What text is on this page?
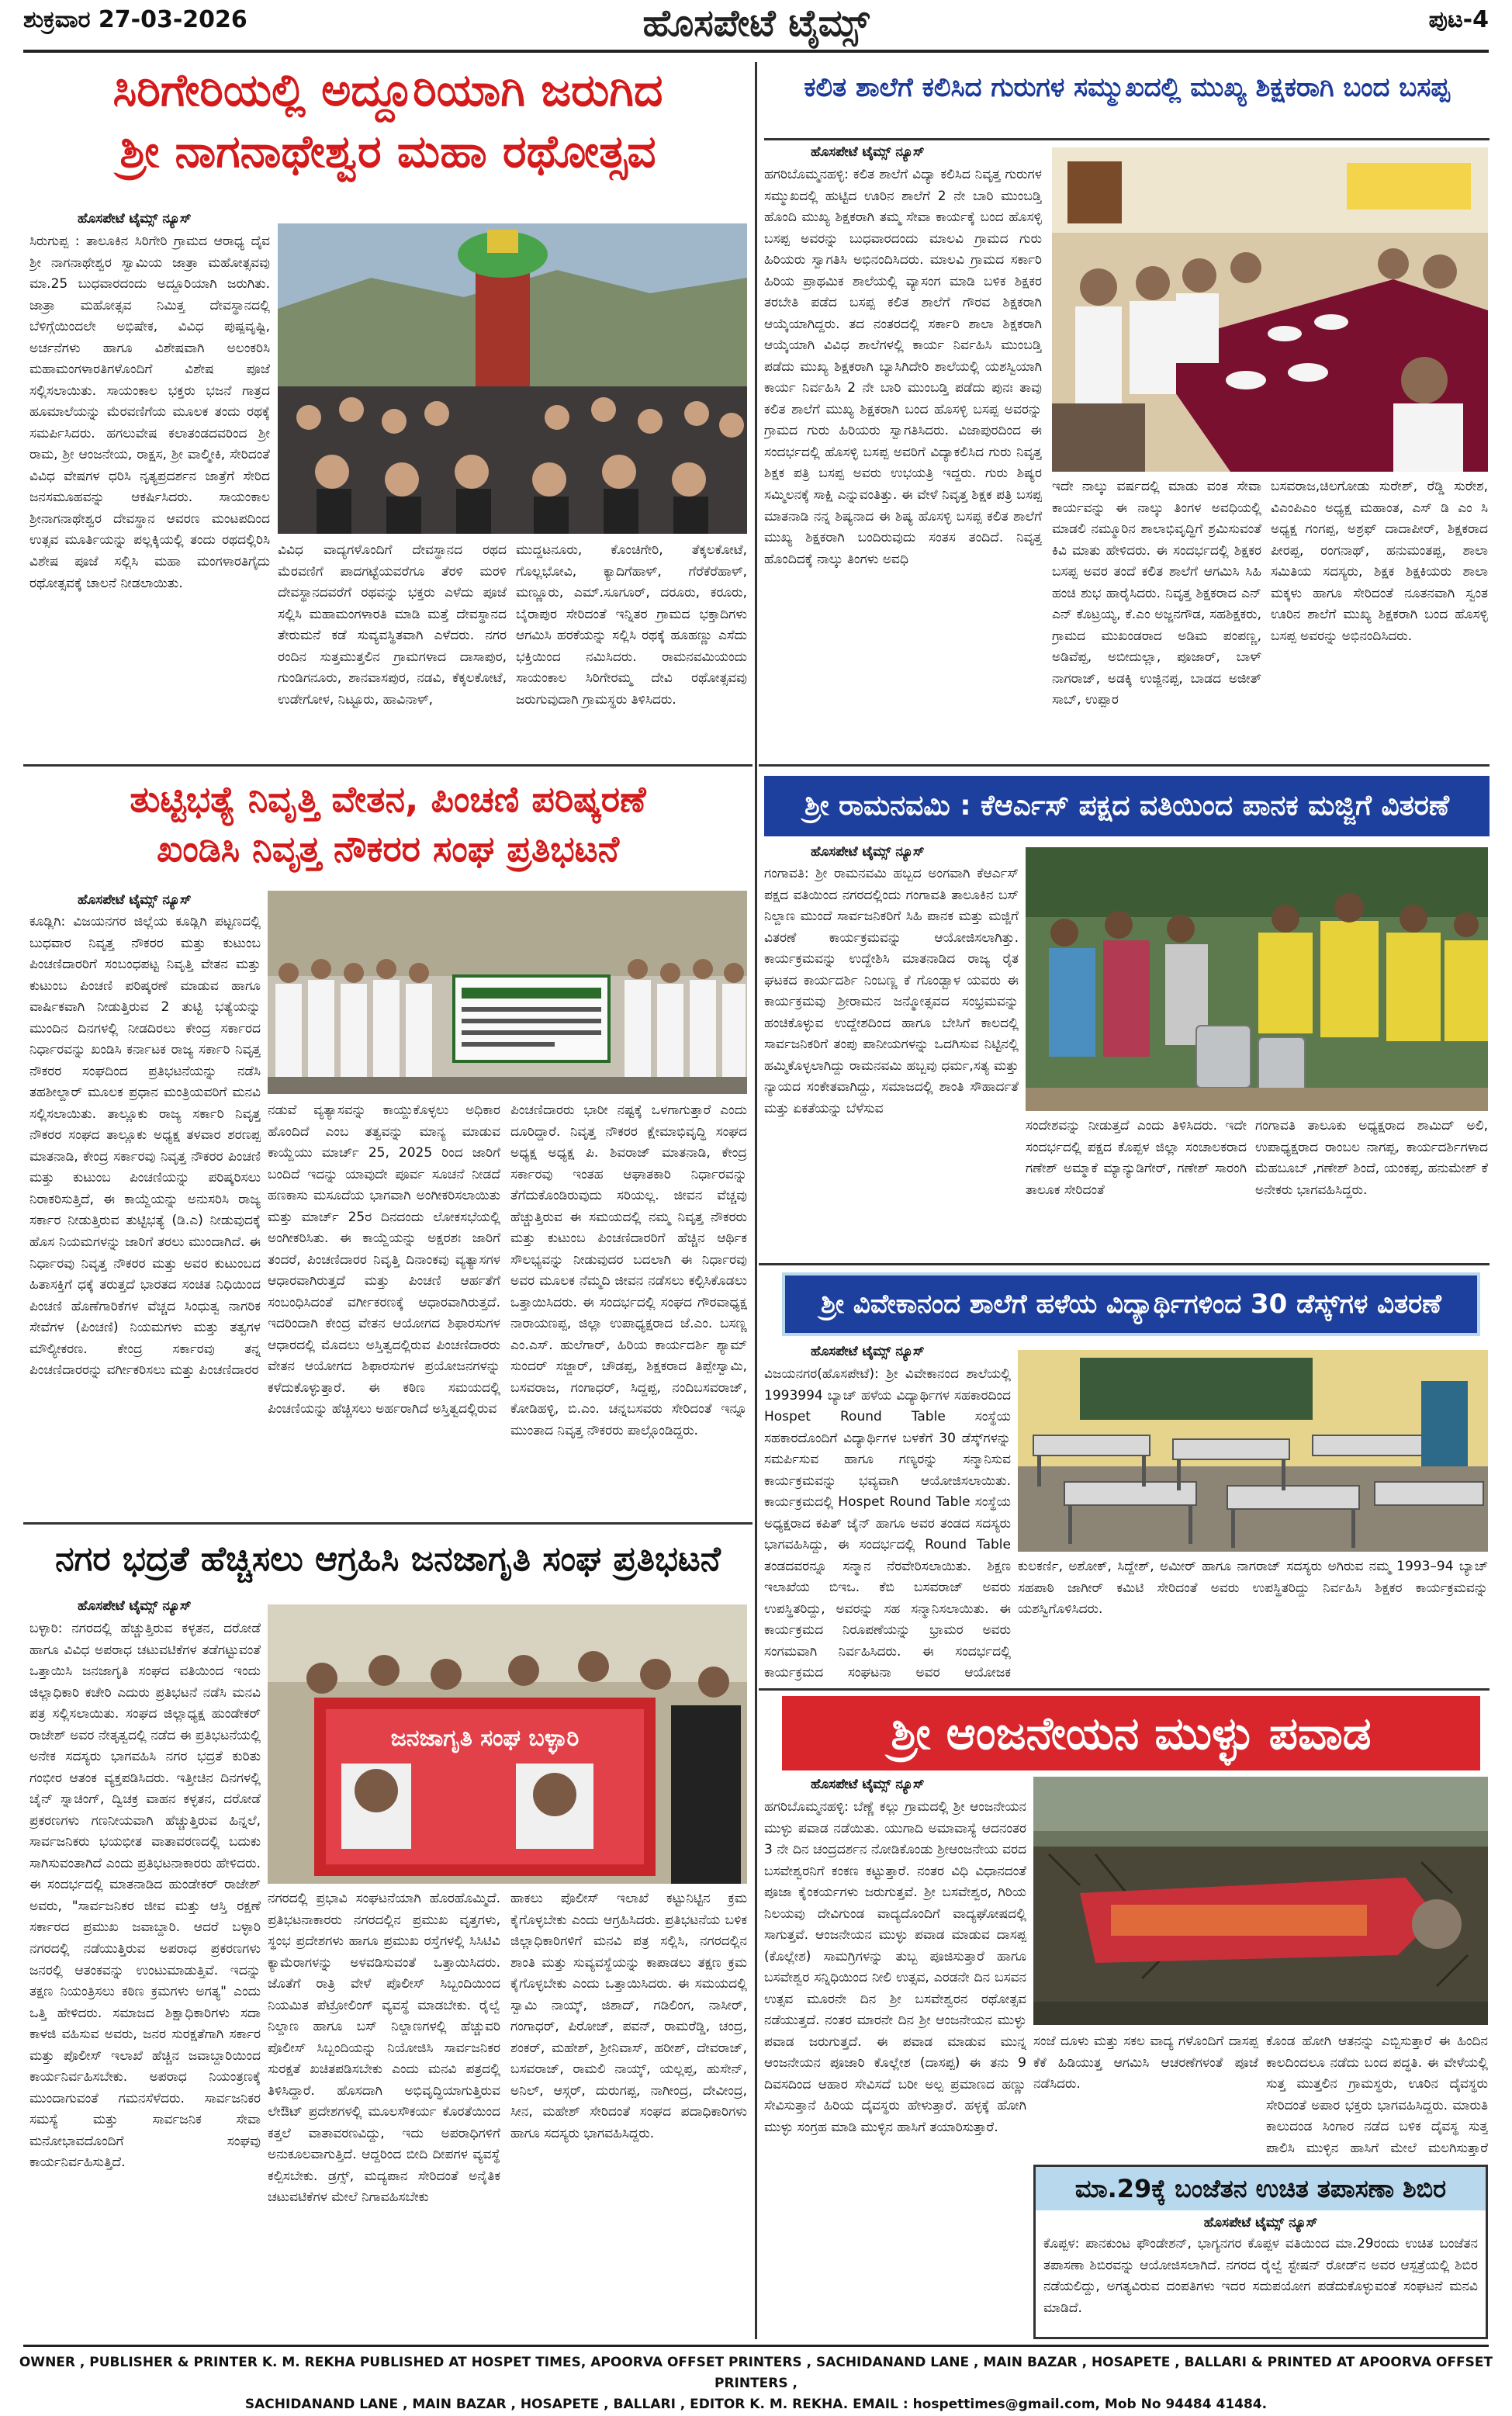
ಹೊಸಪೇಟೆ ಟೈಮ್ಸ್
ಶುಕ್ರವಾರ 27-03-2026	ಪುಟ-4
ಸಿರಿಗೇರಿಯಲ್ಲಿ ಅದ್ದೂರಿಯಾಗಿ ಜರುಗಿದ
ಶ್ರೀ ನಾಗನಾಥೇಶ್ವರ ಮಹಾ ರಥೋತ್ಸವ
ಹೊಸಪೇಟೆ ಟೈಮ್ಸ್ ನ್ಯೂಸ್
ಸಿರುಗುಪ್ಪ : ತಾಲೂಕಿನ ಸಿರಿಗೇರಿ ಗ್ರಾಮದ ಆರಾಧ್ಯ ದೈವ ಶ್ರೀ ನಾಗನಾಥೇಶ್ವರ ಸ್ವಾಮಿಯ ಜಾತ್ರಾ ಮಹೋತ್ಸವವು ಮಾ.25 ಬುಧವಾರದಂದು ಅದ್ದೂರಿಯಾಗಿ ಜರುಗಿತು. ಜಾತ್ರಾ ಮಹೋತ್ಸವ ನಿಮಿತ್ತ ದೇವಸ್ಥಾನದಲ್ಲಿ ಬೆಳಿಗ್ಗೆಯಿಂದಲೇ ಅಭಿಷೇಕ, ವಿವಿಧ ಪುಷ್ಪವೃಷ್ಟಿ, ಅರ್ಚನೆಗಳು ಹಾಗೂ ವಿಶೇಷವಾಗಿ ಅಲಂಕರಿಸಿ ಮಹಾಮಂಗಳಾರತಿಗಳೊಂದಿಗೆ ವಿಶೇಷ ಪೂಜೆ ಸಲ್ಲಿಸಲಾಯಿತು. ಸಾಯಂಕಾಲ ಭಕ್ತರು ಭಜನೆ ಗಾತ್ರದ ಹೂಮಾಲೆಯನ್ನು ಮೆರವಣಿಗೆಯ ಮೂಲಕ ತಂದು ರಥಕ್ಕೆ ಸಮರ್ಪಿಸಿದರು. ಹಗಲುವೇಷ ಕಲಾತಂಡದವರಿಂದ ಶ್ರೀ ರಾಮ, ಶ್ರೀ ಆಂಜನೇಯ, ರಾಕ್ಷಸ, ಶ್ರೀ ವಾಲ್ಮೀಕಿ, ಸೇರಿದಂತೆ ವಿವಿಧ ವೇಷಗಳ ಧರಿಸಿ ನೃತ್ಯಪ್ರದರ್ಶನ ಜಾತ್ರೆಗೆ ಸೇರಿದ ಜನಸಮೂಹವನ್ನು ಆಕರ್ಷಿಸಿದರು. ಸಾಯಂಕಾಲ ಶ್ರೀನಾಗನಾಥೇಶ್ವರ ದೇವಸ್ಥಾನ ಆವರಣ ಮಂಟಪದಿಂದ ಉತ್ಸವ ಮೂರ್ತಿಯನ್ನು ಪಲ್ಲಕ್ಕಿಯಲ್ಲಿ ತಂದು ರಥದಲ್ಲಿರಿಸಿ ವಿಶೇಷ ಪೂಜೆ ಸಲ್ಲಿಸಿ ಮಹಾ ಮಂಗಳಾರತಿಗೈದು ರಥೋತ್ಸವಕ್ಕೆ ಚಾಲನೆ ನೀಡಲಾಯಿತು.
ವಿವಿಧ ವಾದ್ಯಗಳೊಂದಿಗೆ ದೇವಸ್ಥಾನದ ರಥದ ಮೆರವಣಿಗೆ ಪಾದಗಟ್ಟೆಯವರೆಗೂ ತೆರಳಿ ಮರಳಿ ದೇವಸ್ಥಾನದವರೆಗೆ ರಥವನ್ನು ಭಕ್ತರು ಎಳೆದು ಪೂಜೆ ಸಲ್ಲಿಸಿ ಮಹಾಮಂಗಳಾರತಿ ಮಾಡಿ ಮತ್ತೆ ದೇವಸ್ಥಾನದ ತೇರುಮನೆ ಕಡೆ ಸುವ್ಯವಸ್ಥಿತವಾಗಿ ಎಳೆದರು. ನಗರ ರಂದಿನ ಸುತ್ತಮುತ್ತಲಿನ ಗ್ರಾಮಗಳಾದ ದಾಸಾಪುರ, ಗುಂಡಿಗನೂರು, ಶಾನವಾಸಪುರ, ನಡವಿ, ಕೆಕ್ಕಲಕೋಟೆ, ಉಡೇಗೋಳ, ನಿಟ್ಟೂರು, ಹಾವಿನಾಳ್,
ಮುದ್ದಟನೂರು, ಕೊಂಚಿಗೇರಿ, ತೆಕ್ಕಲಕೋಟೆ, ಗೊಲ್ಲಭೋವಿ, ಕ್ಯಾದಿಗೆಹಾಳ್, ಗೆರೆಕೆರೆಹಾಳ್, ಮಣ್ಣೂರು, ಎಮ್.ಸೂಗೂರ್, ದರೂರು, ಕರೂರು, ಬೈರಾಪುರ ಸೇರಿದಂತೆ ಇನ್ನಿತರ ಗ್ರಾಮದ ಭಕ್ತಾದಿಗಳು ಆಗಮಿಸಿ ಹರಕೆಯನ್ನು ಸಲ್ಲಿಸಿ ರಥಕ್ಕೆ ಹೂಹಣ್ಣು ಎಸೆದು ಭಕ್ತಿಯಿಂದ ನಮಿಸಿದರು. ರಾಮನವಮಿಯಂದು ಸಾಯಂಕಾಲ ಸಿರಿಗೇರಮ್ಮ ದೇವಿ ರಥೋತ್ಸವವು ಜರುಗುವುದಾಗಿ ಗ್ರಾಮಸ್ಥರು ತಿಳಿಸಿದರು.
ಕಲಿತ ಶಾಲೆಗೆ ಕಲಿಸಿದ ಗುರುಗಳ ಸಮ್ಮುಖದಲ್ಲಿ ಮುಖ್ಯ ಶಿಕ್ಷಕರಾಗಿ ಬಂದ ಬಸಪ್ಪ
ಹೊಸಪೇಟೆ ಟೈಮ್ಸ್ ನ್ಯೂಸ್
ಹಗರಿಬೊಮ್ಮನಹಳ್ಳಿ: ಕಲಿತ ಶಾಲೆಗೆ ವಿದ್ಯಾ ಕಲಿಸಿದ ನಿವೃತ್ತ ಗುರುಗಳ ಸಮ್ಮುಖದಲ್ಲಿ ಹುಟ್ಟಿದ ಊರಿನ ಶಾಲೆಗೆ 2 ನೇ ಬಾರಿ ಮುಂಬಡ್ತಿ ಹೊಂದಿ ಮುಖ್ಯ ಶಿಕ್ಷಕರಾಗಿ ತಮ್ಮ ಸೇವಾ ಕಾರ್ಯಕ್ಕೆ ಬಂದ ಹೊಸಳ್ಳಿ ಬಸಪ್ಪ ಅವರನ್ನು ಬುಧವಾರದಂದು ಮಾಲವಿ ಗ್ರಾಮದ ಗುರು ಹಿರಿಯರು ಸ್ವಾಗತಿಸಿ ಅಭಿನಂದಿಸಿದರು. ಮಾಲವಿ ಗ್ರಾಮದ ಸರ್ಕಾರಿ ಹಿರಿಯ ಪ್ರಾಥಮಿಕ ಶಾಲೆಯಲ್ಲಿ ವ್ಯಾಸಂಗ ಮಾಡಿ ಬಳಿಕ ಶಿಕ್ಷಕರ ತರಬೇತಿ ಪಡೆದ ಬಸಪ್ಪ ಕಲಿತ ಶಾಲೆಗೆ ಗೌರವ ಶಿಕ್ಷಕರಾಗಿ ಆಯ್ಕೆಯಾಗಿದ್ದರು. ತದ ನಂತರದಲ್ಲಿ ಸರ್ಕಾರಿ ಶಾಲಾ ಶಿಕ್ಷಕರಾಗಿ ಆಯ್ಕೆಯಾಗಿ ವಿವಿಧ ಶಾಲೆಗಳಲ್ಲಿ ಕಾರ್ಯ ನಿರ್ವಹಿಸಿ ಮುಂಬಡ್ತಿ ಪಡೆದು ಮುಖ್ಯ ಶಿಕ್ಷಕರಾಗಿ ಬ್ಯಾಸಿಗಿದೇರಿ ಶಾಲೆಯಲ್ಲಿ ಯಶಸ್ವಿಯಾಗಿ ಕಾರ್ಯ ನಿರ್ವಹಿಸಿ 2 ನೇ ಬಾರಿ ಮುಂಬಡ್ತಿ ಪಡೆದು ಪುನಃ ತಾವು ಕಲಿತ ಶಾಲೆಗೆ ಮುಖ್ಯ ಶಿಕ್ಷಕರಾಗಿ ಬಂದ ಹೊಸಳ್ಳಿ ಬಸಪ್ಪ ಅವರನ್ನು ಗ್ರಾಮದ ಗುರು ಹಿರಿಯರು ಸ್ವಾಗತಿಸಿದರು. ವಿಜಾಪುರದಿಂದ ಈ ಸಂದರ್ಭದಲ್ಲಿ ಹೊಸಳ್ಳಿ ಬಸಪ್ಪ ಅವರಿಗೆ ವಿದ್ಯಾಕಲಿಸಿದ ಗುರು ನಿವೃತ್ತ ಶಿಕ್ಷಕ ಪತ್ರಿ ಬಸಪ್ಪ ಅವರು ಉಭಯತ್ರಿ ಇದ್ದರು. ಗುರು ಶಿಷ್ಯರ ಸಮ್ಮಿಲನಕ್ಕೆ ಸಾಕ್ಷಿ ಎನ್ನುವಂತಿತ್ತು. ಈ ವೇಳೆ ನಿವೃತ್ತ ಶಿಕ್ಷಕ ಪತ್ರಿ ಬಸಪ್ಪ ಮಾತನಾಡಿ ನನ್ನ ಶಿಷ್ಯನಾದ ಈ ಶಿಷ್ಯ ಹೊಸಳ್ಳಿ ಬಸಪ್ಪ ಕಲಿತ ಶಾಲೆಗೆ ಮುಖ್ಯ ಶಿಕ್ಷಕರಾಗಿ ಬಂದಿರುವುದು ಸಂತಸ ತಂದಿದೆ. ನಿವೃತ್ತ ಹೊಂದಿದಕ್ಕೆ ನಾಲ್ಕು ತಿಂಗಳು ಅವಧಿ
ಇದೇ ನಾಲ್ಕು ವರ್ಷದಲ್ಲಿ ಮಾಡು ವಂತ ಸೇವಾ ಕಾರ್ಯವನ್ನು ಈ ನಾಲ್ಕು ತಿಂಗಳ ಅವಧಿಯಲ್ಲಿ ಮಾಡಲಿ ನಮ್ಮೂರಿನ ಶಾಲಾಭಿವೃದ್ಧಿಗೆ ಶ್ರಮಿಸುವಂತೆ ಕಿವಿ ಮಾತು ಹೇಳಿದರು. ಈ ಸಂದರ್ಭದಲ್ಲಿ ಶಿಕ್ಷಕರ ಬಸಪ್ಪ ಅವರ ತಂದೆ ಕಲಿತ ಶಾಲೆಗೆ ಆಗಮಿಸಿ ಸಿಹಿ ಹಂಚಿ ಶುಭ ಹಾರೈಸಿದರು. ನಿವೃತ್ತ ಶಿಕ್ಷಕರಾದ ಎನ್ ಎನ್ ಕೊಟ್ರಯ್ಯ, ಕೆ.ಎಂ ಅಜ್ಜನಗೌಡ, ಸಹಶಿಕ್ಷಕರು, ಗ್ರಾಮದ ಮುಖಂಡರಾದ ಅಡಿಮ ಪಂಪಣ್ಣ, ಅಡಿವೆಪ್ಪ, ಅಬೀದುಲ್ಲಾ, ಪೂಜಾರ್, ಬಾಳ್ ನಾಗರಾಜ್, ಅಡಕ್ಕಿ ಉಜ್ಜಿನಪ್ಪ, ಬಾಡದ ಅಜೀತ್ ಸಾಬ್, ಉಪ್ಪಾರ
ಬಸವರಾಜ,ಚಿಲಗೋಡು ಸುರೇಶ್, ರೆಡ್ಡಿ ಸುರೇಶ, ವಿಎಂಪಿಎಂ ಅಧ್ಯಕ್ಷ ಮಹಾಂತ, ಎಸ್ ಡಿ ಎಂ ಸಿ ಅಧ್ಯಕ್ಷ ಗಂಗಪ್ಪ, ಅಶ್ರಫ್ ದಾದಾಪೀರ್, ಶಿಕ್ಷಕರಾದ ಪೀರಪ್ಪ, ರಂಗನಾಥ್, ಹನುಮಂತಪ್ಪ, ಶಾಲಾ ಸಮಿತಿಯ ಸದಸ್ಯರು, ಶಿಕ್ಷಕ ಶಿಕ್ಷಕಿಯರು ಶಾಲಾ ಮಕ್ಕಳು ಹಾಗೂ ಸೇರಿದಂತೆ ನೂತನವಾಗಿ ಸ್ವಂತ ಊರಿನ ಶಾಲೆಗೆ ಮುಖ್ಯ ಶಿಕ್ಷಕರಾಗಿ ಬಂದ ಹೊಸಳ್ಳಿ ಬಸಪ್ಪ ಅವರನ್ನು ಅಭಿನಂದಿಸಿದರು.
ತುಟ್ಟಿಭತ್ಯೆ ನಿವೃತ್ತಿ ವೇತನ, ಪಿಂಚಣಿ ಪರಿಷ್ಕರಣೆ
ಖಂಡಿಸಿ ನಿವೃತ್ತ ನೌಕರರ ಸಂಘ ಪ್ರತಿಭಟನೆ
ಹೊಸಪೇಟೆ ಟೈಮ್ಸ್ ನ್ಯೂಸ್
ಕೂಡ್ಲಿಗಿ: ವಿಜಯನಗರ ಜಿಲ್ಲೆಯ ಕೂಡ್ಲಿಗಿ ಪಟ್ಟಣದಲ್ಲಿ ಬುಧವಾರ ನಿವೃತ್ತ ನೌಕರರ ಮತ್ತು ಕುಟುಂಬ ಪಿಂಚಣಿದಾರರಿಗೆ ಸಂಬಂಧಪಟ್ಟ ನಿವೃತ್ತಿ ವೇತನ ಮತ್ತು ಕುಟುಂಬ ಪಿಂಚಣಿ ಪರಿಷ್ಕರಣೆ ಮಾಡುವ ಹಾಗೂ ವಾರ್ಷಿಕವಾಗಿ ನೀಡುತ್ತಿರುವ 2 ತುಟ್ಟಿ ಭತ್ಯೆಯನ್ನು ಮುಂದಿನ ದಿನಗಳಲ್ಲಿ ನೀಡದಿರಲು ಕೇಂದ್ರ ಸರ್ಕಾರದ ನಿರ್ಧಾರವನ್ನು ಖಂಡಿಸಿ ಕರ್ನಾಟಕ ರಾಜ್ಯ ಸರ್ಕಾರಿ ನಿವೃತ್ತ ನೌಕರರ ಸಂಘದಿಂದ ಪ್ರತಿಭಟನೆಯನ್ನು ನಡೆಸಿ ತಹಶೀಲ್ದಾರ್ ಮೂಲಕ ಪ್ರಧಾನ ಮಂತ್ರಿಯವರಿಗೆ ಮನವಿ ಸಲ್ಲಿಸಲಾಯಿತು. ತಾಲ್ಲೂಕು ರಾಜ್ಯ ಸರ್ಕಾರಿ ನಿವೃತ್ತ ನೌಕರರ ಸಂಘದ ತಾಲ್ಲೂಕು ಅಧ್ಯಕ್ಷ ತಳವಾರ ಶರಣಪ್ಪ ಮಾತನಾಡಿ, ಕೇಂದ್ರ ಸರ್ಕಾರವು ನಿವೃತ್ತ ನೌಕರರ ಪಿಂಚಣಿ ಮತ್ತು ಕುಟುಂಬ ಪಿಂಚಣಿಯನ್ನು ಪರಿಷ್ಕರಿಸಲು ನಿರಾಕರಿಸುತ್ತಿದೆ, ಈ ಕಾಯ್ದೆಯನ್ನು ಅನುಸರಿಸಿ ರಾಜ್ಯ ಸರ್ಕಾರ ನೀಡುತ್ತಿರುವ ತುಟ್ಟಿಭತ್ಯೆ (ಡಿ.ಎ) ನೀಡುವುದಕ್ಕೆ ಹೊಸ ನಿಯಮಗಳನ್ನು ಜಾರಿಗೆ ತರಲು ಮುಂದಾಗಿದೆ. ಈ ನಿರ್ಧಾರವು ನಿವೃತ್ತ ನೌಕರರ ಮತ್ತು ಅವರ ಕುಟುಂಬದ ಹಿತಾಸಕ್ತಿಗೆ ಧಕ್ಕೆ ತರುತ್ತದೆ ಭಾರತದ ಸಂಚಿತ ನಿಧಿಯಿಂದ ಪಿಂಚಣಿ ಹೊಣೆಗಾರಿಕೆಗಳ ವೆಚ್ಚದ ಸಿಂಧುತ್ವ ನಾಗರಿಕ ಸೇವೆಗಳ (ಪಿಂಚಣಿ) ನಿಯಮಗಳು ಮತ್ತು ತತ್ವಗಳ ಮೌಲ್ಯೀಕರಣ. ಕೇಂದ್ರ ಸರ್ಕಾರವು ತನ್ನ ಪಿಂಚಣಿದಾರರನ್ನು ವರ್ಗೀಕರಿಸಲು ಮತ್ತು ಪಿಂಚಣಿದಾರರ
ನಡುವೆ ವ್ಯತ್ಯಾಸವನ್ನು ಕಾಯ್ದುಕೊಳ್ಳಲು ಅಧಿಕಾರ ಹೊಂದಿದೆ ಎಂಬ ತತ್ವವನ್ನು ಮಾನ್ಯ ಮಾಡುವ ಕಾಯ್ದೆಯು ಮಾರ್ಚ್ 25, 2025 ರಿಂದ ಜಾರಿಗೆ ಬಂದಿದೆ ಇದನ್ನು ಯಾವುದೇ ಪೂರ್ವ ಸೂಚನೆ ನೀಡದೆ ಹಣಕಾಸು ಮಸೂದೆಯ ಭಾಗವಾಗಿ ಅಂಗೀಕರಿಸಲಾಯಿತು ಮತ್ತು ಮಾರ್ಚ್ 25ರ ದಿನದಂದು ಲೋಕಸಭೆಯಲ್ಲಿ ಅಂಗೀಕರಿಸಿತು. ಈ ಕಾಯ್ದೆಯನ್ನು ಅಕ್ಷರಶಃ ಜಾರಿಗೆ ತಂದರೆ, ಪಿಂಚಣಿದಾರರ ನಿವೃತ್ತಿ ದಿನಾಂಕವು ವ್ಯತ್ಯಾಸಗಳ ಆಧಾರವಾಗಿರುತ್ತದೆ ಮತ್ತು ಪಿಂಚಣಿ ಆರ್ಹತೆಗೆ ಸಂಬಂಧಿಸಿದಂತೆ ವರ್ಗೀಕರಣಕ್ಕೆ ಆಧಾರವಾಗಿರುತ್ತದೆ. ಇದರಿಂದಾಗಿ ಕೇಂದ್ರ ವೇತನ ಆಯೋಗದ ಶಿಫಾರಸುಗಳ ಆಧಾರದಲ್ಲಿ ಮೊದಲು ಅಸ್ತಿತ್ವದಲ್ಲಿರುವ ಪಿಂಚಣಿದಾರರು ವೇತನ ಆಯೋಗದ ಶಿಫಾರಸುಗಳ ಪ್ರಯೋಜನಗಳನ್ನು ಕಳೆದುಕೊಳ್ಳುತ್ತಾರೆ. ಈ ಕಠಿಣ ಸಮಯದಲ್ಲಿ ಪಿಂಚಣಿಯನ್ನು ಹೆಚ್ಚಿಸಲು ಅರ್ಹರಾಗಿದೆ ಅಸ್ತಿತ್ವದಲ್ಲಿರುವ
ಪಿಂಚಣಿದಾರರು ಭಾರೀ ನಷ್ಟಕ್ಕೆ ಒಳಗಾಗುತ್ತಾರೆ ಎಂದು ದೂರಿದ್ದಾರೆ. ನಿವೃತ್ತ ನೌಕರರ ಕ್ಷೇಮಾಭಿವೃದ್ಧಿ ಸಂಘದ ಅಧ್ಯಕ್ಷ ಅಧ್ಯಕ್ಷ ಪಿ. ಶಿವರಾಜ್ ಮಾತನಾಡಿ, ಕೇಂದ್ರ ಸರ್ಕಾರವು ಇಂತಹ ಆಘಾತಕಾರಿ ನಿರ್ಧಾರವನ್ನು ತೆಗೆದುಕೊಂಡಿರುವುದು ಸರಿಯಲ್ಲ. ಜೀವನ ವೆಚ್ಚವು ಹೆಚ್ಚುತ್ತಿರುವ ಈ ಸಮಯದಲ್ಲಿ ನಮ್ಮ ನಿವೃತ್ತ ನೌಕರರು ಮತ್ತು ಕುಟುಂಬ ಪಿಂಚಣಿದಾರರಿಗೆ ಹೆಚ್ಚಿನ ಆರ್ಥಿಕ ಸೌಲಭ್ಯವನ್ನು ನೀಡುವುದರ ಬದಲಾಗಿ ಈ ನಿರ್ಧಾರವು ಅವರ ಮೂಲಕ ನೆಮ್ಮದಿ ಜೀವನ ನಡೆಸಲು ಕಲ್ಪಿಸಿಕೊಡಲು ಒತ್ತಾಯಿಸಿದರು. ಈ ಸಂದರ್ಭದಲ್ಲಿ ಸಂಘದ ಗೌರವಾಧ್ಯಕ್ಷ ನಾರಾಯಣಪ್ಪ, ಜಿಲ್ಲಾ ಉಪಾಧ್ಯಕ್ಷರಾದ ಜೆ.ಎಂ. ಬಸಣ್ಣ ಎಂ.ಎಸ್. ಹುಲೆಗಾರ್, ಹಿರಿಯ ಕಾರ್ಯದರ್ಶಿ ಶ್ಯಾಮ್ ಸುಂದರ್ ಸಜ್ಜಾರ್, ಚೌಡಪ್ಪ, ಶಿಕ್ಷಕರಾದ ತಿಪ್ಪೇಸ್ವಾಮಿ, ಬಸವರಾಜ, ಗಂಗಾಧರ್, ಸಿದ್ದಪ್ಪ, ನಂದಿಬಸವರಾಜ್, ಕೋಡಿಹಳ್ಳಿ, ಬಿ.ಎಂ. ಚನ್ನಬಸವರು ಸೇರಿದಂತೆ ಇನ್ನೂ ಮುಂತಾದ ನಿವೃತ್ತ ನೌಕರರು ಪಾಲ್ಗೊಂಡಿದ್ದರು.
ಶ್ರೀ ರಾಮನವಮಿ : ಕೆಆರ್ಎಸ್ ಪಕ್ಷದ ವತಿಯಿಂದ ಪಾನಕ ಮಜ್ಜಿಗೆ ವಿತರಣೆ
ಹೊಸಪೇಟೆ ಟೈಮ್ಸ್ ನ್ಯೂಸ್
ಗಂಗಾವತಿ: ಶ್ರೀ ರಾಮನವಮಿ ಹಬ್ಬದ ಅಂಗವಾಗಿ ಕೆಆರ್ಎಸ್ ಪಕ್ಷದ ವತಿಯಿಂದ ನಗರದಲ್ಲಿಂದು ಗಂಗಾವತಿ ತಾಲೂಕಿನ ಬಸ್ ನಿಲ್ದಾಣ ಮುಂದೆ ಸಾರ್ವಜನಿಕರಿಗೆ ಸಿಹಿ ಪಾನಕ ಮತ್ತು ಮಜ್ಜಿಗೆ ವಿತರಣೆ ಕಾರ್ಯಕ್ರಮವನ್ನು ಆಯೋಜಿಸಲಾಗಿತ್ತು. ಕಾರ್ಯಕ್ರಮವನ್ನು ಉದ್ದೇಶಿಸಿ ಮಾತನಾಡಿದ ರಾಜ್ಯ ರೈತ ಘಟಕದ ಕಾರ್ಯದರ್ಶಿ ನಿಂಬಣ್ಣ ಕೆ ಗೊಂಡ್ಬಾಳ ಯವರು ಈ ಕಾರ್ಯಕ್ರಮವು ಶ್ರೀರಾಮನ ಜನ್ಮೋತ್ಸವದ ಸಂಭ್ರಮವನ್ನು ಹಂಚಿಕೊಳ್ಳುವ ಉದ್ದೇಶದಿಂದ ಹಾಗೂ ಬೇಸಿಗೆ ಕಾಲದಲ್ಲಿ ಸಾರ್ವಜನಿಕರಿಗೆ ತಂಪು ಪಾನೀಯಗಳನ್ನು ಒದಗಿಸುವ ನಿಟ್ಟಿನಲ್ಲಿ ಹಮ್ಮಿಕೊಳ್ಳಲಾಗಿದ್ದು ರಾಮನವಮಿ ಹಬ್ಬವು ಧರ್ಮ,ಸತ್ಯ ಮತ್ತು ನ್ಯಾಯದ ಸಂಕೇತವಾಗಿದ್ದು, ಸಮಾಜದಲ್ಲಿ ಶಾಂತಿ ಸೌಹಾರ್ದತೆ ಮತ್ತು ಏಕತೆಯನ್ನು ಬೆಳೆಸುವ
ಸಂದೇಶವನ್ನು ನೀಡುತ್ತದೆ ಎಂದು ತಿಳಿಸಿದರು. ಇದೇ ಸಂದರ್ಭದಲ್ಲಿ ಪಕ್ಷದ ಕೊಪ್ಪಳ ಜಿಲ್ಲಾ ಸಂಚಾಲಕರಾದ ಗಣೇಶ್ ಅಮ್ಮಾಕೆ ಮ್ಯಾನ್ಯುಡಿಗೇರ್, ಗಣೇಶ್ ಸಾರಂಗಿ ತಾಲೂಕ ಸೇರಿದಂತೆ
ಗಂಗಾವತಿ ತಾಲೂಕು ಅಧ್ಯಕ್ಷರಾದ ಶಾಮಿದ್ ಅಲಿ, ಉಪಾಧ್ಯಕ್ಷರಾದ ರಾಂಬಲ ನಾಗಪ್ಪ, ಕಾರ್ಯದರ್ಶಿಗಳಾದ ಮೆಹಬೂಬ್ ,ಗಣೇಶ್ ಶಿಂದೆ, ಯಂಕಪ್ಪ, ಹನುಮೇಶ್ ಕೆ ಅನೇಕರು ಭಾಗವಹಿಸಿದ್ದರು.
ಶ್ರೀ ವಿವೇಕಾನಂದ ಶಾಲೆಗೆ ಹಳೆಯ ವಿದ್ಯಾರ್ಥಿಗಳಿಂದ 30 ಡೆಸ್ಕ್‌ಗಳ ವಿತರಣೆ
ಹೊಸಪೇಟೆ ಟೈಮ್ಸ್ ನ್ಯೂಸ್
ವಿಜಯನಗರ(ಹೊಸಪೇಟೆ): ಶ್ರೀ ವಿವೇಕಾನಂದ ಶಾಲೆಯಲ್ಲಿ 1993994 ಬ್ಯಾಚ್ ಹಳೆಯ ವಿದ್ಯಾರ್ಥಿಗಳ ಸಹಕಾರದಿಂದ Hospet Round Table ಸಂಸ್ಥೆಯ ಸಹಕಾರದೊಂದಿಗೆ ವಿದ್ಯಾರ್ಥಿಗಳ ಬಳಕೆಗೆ 30 ಡೆಸ್ಕ್‌ಗಳನ್ನು ಸಮರ್ಪಿಸುವ ಹಾಗೂ ಗಣ್ಯರನ್ನು ಸನ್ಮಾನಿಸುವ ಕಾರ್ಯಕ್ರಮವನ್ನು ಭವ್ಯವಾಗಿ ಆಯೋಜಿಸಲಾಯಿತು. ಕಾರ್ಯಕ್ರಮದಲ್ಲಿ Hospet Round Table ಸಂಸ್ಥೆಯ ಅಧ್ಯಕ್ಷರಾದ ಕಪಿತ್ ಜೈನ್ ಹಾಗೂ ಅವರ ತಂಡದ ಸದಸ್ಯರು ಭಾಗವಹಿಸಿದ್ದು, ಈ ಸಂದರ್ಭದಲ್ಲಿ Round Table ತಂಡದವರನ್ನೂ ಸನ್ಮಾನ ನೆರವೇರಿಸಲಾಯಿತು. ಶಿಕ್ಷಣ ಇಲಾಖೆಯ ಬಿಇಒ. ಕೆಬಿ ಬಸವರಾಜ್ ಅವರು ಉಪಸ್ಥಿತರಿದ್ದು, ಅವರನ್ನು ಸಹ ಸನ್ಮಾನಿಸಲಾಯಿತು. ಈ ಕಾರ್ಯಕ್ರಮದ ನಿರೂಪಣೆಯನ್ನು ಭ್ರಾಮರ ಅವರು ಸಂಗಮವಾಗಿ ನಿರ್ವಹಿಸಿದರು. ಈ ಸಂದರ್ಭದಲ್ಲಿ ಕಾರ್ಯಕ್ರಮದ ಸಂಘಟನಾ ಅವರ ಆಯೋಜಕ
ಕುಲಕರ್ಣಿ, ಅಶೋಕ್, ಸಿದ್ದೇಶ್, ಅಮೀರ್ ಹಾಗೂ ನಾಗರಾಜ್ ಸದಸ್ಯರು ಅಗಿರುವ ನಮ್ಮ 1993–94 ಬ್ಯಾಚ್ ಸಹಪಾಠಿ ಜಾಗೀರ್ ಕಮಿಟಿ ಸೇರಿದಂತೆ ಅವರು ಉಪಸ್ಥಿತರಿದ್ದು ನಿರ್ವಹಿಸಿ ಶಿಕ್ಷಕರ ಕಾರ್ಯಕ್ರಮವನ್ನು ಯಶಸ್ವಿಗೊಳಿಸಿದರು.
ನಗರ ಭದ್ರತೆ ಹೆಚ್ಚಿಸಲು ಆಗ್ರಹಿಸಿ ಜನಜಾಗೃತಿ ಸಂಘ ಪ್ರತಿಭಟನೆ
ಹೊಸಪೇಟೆ ಟೈಮ್ಸ್ ನ್ಯೂಸ್
ಬಳ್ಳಾರಿ: ನಗರದಲ್ಲಿ ಹೆಚ್ಚುತ್ತಿರುವ ಕಳ್ಳತನ, ದರೋಡೆ ಹಾಗೂ ವಿವಿಧ ಅಪರಾಧ ಚಟುವಟಿಕೆಗಳ ತಡೆಗಟ್ಟುವಂತೆ ಒತ್ತಾಯಿಸಿ ಜನಜಾಗೃತಿ ಸಂಘದ ವತಿಯಿಂದ ಇಂದು ಜಿಲ್ಲಾಧಿಕಾರಿ ಕಚೇರಿ ಎದುರು ಪ್ರತಿಭಟನೆ ನಡೆಸಿ ಮನವಿ ಪತ್ರ ಸಲ್ಲಿಸಲಾಯಿತು. ಸಂಘದ ಜಿಲ್ಲಾಧ್ಯಕ್ಷ ಹುಂಡೇಕರ್ ರಾಜೇಶ್ ಅವರ ನೇತೃತ್ವದಲ್ಲಿ ನಡೆದ ಈ ಪ್ರತಿಭಟನೆಯಲ್ಲಿ ಅನೇಕ ಸದಸ್ಯರು ಭಾಗವಹಿಸಿ ನಗರ ಭದ್ರತೆ ಕುರಿತು ಗಂಭೀರ ಆತಂಕ ವ್ಯಕ್ತಪಡಿಸಿದರು. ಇತ್ತೀಚಿನ ದಿನಗಳಲ್ಲಿ ಚೈನ್ ಸ್ನಾಚಿಂಗ್, ದ್ವಿಚಕ್ರ ವಾಹನ ಕಳ್ಳತನ, ದರೋಡೆ ಪ್ರಕರಣಗಳು ಗಣನೀಯವಾಗಿ ಹೆಚ್ಚುತ್ತಿರುವ ಹಿನ್ನಲೆ, ಸಾರ್ವಜನಿಕರು ಭಯಭೀತ ವಾತಾವರಣದಲ್ಲಿ ಬದುಕು ಸಾಗಿಸುವಂತಾಗಿದೆ ಎಂದು ಪ್ರತಿಭಟನಾಕಾರರು ಹೇಳಿದರು. ಈ ಸಂದರ್ಭದಲ್ಲಿ ಮಾತನಾಡಿದ ಹುಂಡೇಕರ್ ರಾಜೇಶ್ ಅವರು, "ಸಾರ್ವಜನಿಕರ ಜೀವ ಮತ್ತು ಆಸ್ತಿ ರಕ್ಷಣೆ ಸರ್ಕಾರದ ಪ್ರಮುಖ ಜವಾಬ್ದಾರಿ. ಆದರೆ ಬಳ್ಳಾರಿ ನಗರದಲ್ಲಿ ನಡೆಯುತ್ತಿರುವ ಅಪರಾಧ ಪ್ರಕರಣಗಳು ಜನರಲ್ಲಿ ಆತಂಕವನ್ನು ಉಂಟುಮಾಡುತ್ತಿವೆ. ಇದನ್ನು ತಕ್ಷಣ ನಿಯಂತ್ರಿಸಲು ಕಠಿಣ ಕ್ರಮಗಳು ಅಗತ್ಯ" ಎಂದು ಒತ್ತಿ ಹೇಳಿದರು. ಸಮಾಜದ ಶಿಕ್ಷಾಧಿಕಾರಿಗಳು ಸದಾ ಕಾಳಜಿ ವಹಿಸುವ ಅವರು, ಜನರ ಸುರಕ್ಷತೆಗಾಗಿ ಸರ್ಕಾರ ಮತ್ತು ಪೊಲೀಸ್ ಇಲಾಖೆ ಹೆಚ್ಚಿನ ಜವಾಬ್ದಾರಿಯಿಂದ ಕಾರ್ಯನಿರ್ವಹಿಸಬೇಕು. ಅಪರಾಧ ನಿಯಂತ್ರಣಕ್ಕೆ ಮುಂದಾಗುವಂತೆ ಗಮನಸೆಳೆದರು. ಸಾರ್ವಜನಿಕರ ಸಮಸ್ಯೆ ಮತ್ತು ಸಾರ್ವಜನಿಕ ಸೇವಾ ಮನೋಭಾವದೊಂದಿಗೆ ಸಂಘವು ಕಾರ್ಯನಿರ್ವಹಿಸುತ್ತಿದೆ.
ಜನಜಾಗೃತಿ ಸಂಘ ಬಳ್ಳಾರಿ
ನಗರದಲ್ಲಿ ಪ್ರಭಾವಿ ಸಂಘಟನೆಯಾಗಿ ಹೊರಹೊಮ್ಮಿದೆ. ಪ್ರತಿಭಟನಾಕಾರರು ನಗರದಲ್ಲಿನ ಪ್ರಮುಖ ವೃತ್ತಗಳು, ಸ್ಥಂಭ ಪ್ರದೇಶಗಳು ಹಾಗೂ ಪ್ರಮುಖ ರಸ್ತೆಗಳಲ್ಲಿ ಸಿಸಿಟಿವಿ ಕ್ಯಾಮೆರಾಗಳನ್ನು ಅಳವಡಿಸುವಂತೆ ಒತ್ತಾಯಿಸಿದರು. ಜೊತೆಗೆ ರಾತ್ರಿ ವೇಳೆ ಪೊಲೀಸ್ ಸಿಬ್ಬಂದಿಯಿಂದ ನಿಯಮಿತ ಪೆಟ್ರೋಲಿಂಗ್ ವ್ಯವಸ್ಥೆ ಮಾಡಬೇಕು. ರೈಲ್ವೆ ನಿಲ್ದಾಣ ಹಾಗೂ ಬಸ್ ನಿಲ್ದಾಣಗಳಲ್ಲಿ ಹೆಚ್ಚುವರಿ ಪೊಲೀಸ್ ಸಿಬ್ಬಂದಿಯನ್ನು ನಿಯೋಜಿಸಿ ಸಾರ್ವಜನಿಕರ ಸುರಕ್ಷತೆ ಖಚಿತಪಡಿಸಬೇಕು ಎಂದು ಮನವಿ ಪತ್ರದಲ್ಲಿ ತಿಳಿಸಿದ್ದಾರೆ. ಹೊಸದಾಗಿ ಅಭಿವೃದ್ಧಿಯಾಗುತ್ತಿರುವ ಲೇಔಟ್ ಪ್ರದೇಶಗಳಲ್ಲಿ ಮೂಲಸೌಕರ್ಯ ಕೊರತೆಯಿಂದ ಕತ್ತಲೆ ವಾತಾವರಣವಿದ್ದು, ಇದು ಅಪರಾಧಿಗಳಿಗೆ ಅನುಕೂಲವಾಗುತ್ತಿದೆ. ಆದ್ದರಿಂದ ಬೀದಿ ದೀಪಗಳ ವ್ಯವಸ್ಥೆ ಕಲ್ಪಿಸಬೇಕು. ಡ್ರಗ್ಸ್, ಮದ್ಯಪಾನ ಸೇರಿದಂತೆ ಅನೈತಿಕ ಚಟುವಟಿಕೆಗಳ ಮೇಲೆ ನಿಗಾವಹಿಸಬೇಕು
ಹಾಕಲು ಪೊಲೀಸ್ ಇಲಾಖೆ ಕಟ್ಟುನಿಟ್ಟಿನ ಕ್ರಮ ಕೈಗೊಳ್ಳಬೇಕು ಎಂದು ಆಗ್ರಹಿಸಿದರು. ಪ್ರತಿಭಟನೆಯ ಬಳಿಕ ಜಿಲ್ಲಾಧಿಕಾರಿಗಳಿಗೆ ಮನವಿ ಪತ್ರ ಸಲ್ಲಿಸಿ, ನಗರದಲ್ಲಿನ ಶಾಂತಿ ಮತ್ತು ಸುವ್ಯವಸ್ಥೆಯನ್ನು ಕಾಪಾಡಲು ತಕ್ಷಣ ಕ್ರಮ ಕೈಗೊಳ್ಳಬೇಕು ಎಂದು ಒತ್ತಾಯಿಸಿದರು. ಈ ಸಮಯದಲ್ಲಿ ಸ್ವಾಮಿ ನಾಯ್ಕ್, ಜಿಶಾದ್, ಗಡಿಲಿಂಗ, ನಾಸೀರ್, ಗಂಗಾಧರ್, ಪಿರೋಜ್, ಪವನ್, ರಾಮರೆಡ್ಡಿ, ಚಂದ್ರ, ಶಂಕರ್, ಮಹೇಶ್, ಶ್ರೀನಿವಾಸ್, ಹರೀಶ್, ದೇವರಾಜ್, ಬಸವರಾಜ್, ರಾಮಲಿ ನಾಯ್ಕ್, ಯಲ್ಲಪ್ಪ, ಹುಸೇನ್, ಅನಿಲ್, ಆಸ್ಗರ್, ದುರುಗಪ್ಪ, ನಾಗೀಂದ್ರ, ದೇವೀಂದ್ರ, ಸೀನ, ಮಹೇಶ್ ಸೇರಿದಂತೆ ಸಂಘದ ಪದಾಧಿಕಾರಿಗಳು ಹಾಗೂ ಸದಸ್ಯರು ಭಾಗವಹಿಸಿದ್ದರು.
ಶ್ರೀ ಆಂಜನೇಯನ ಮುಳ್ಳು ಪವಾಡ
ಹೊಸಪೇಟೆ ಟೈಮ್ಸ್ ನ್ಯೂಸ್
ಹಗರಿಬೊಮ್ಮನಹಳ್ಳಿ: ಬೆಣ್ಣೆ ಕಲ್ಲು ಗ್ರಾಮದಲ್ಲಿ ಶ್ರೀ ಆಂಜನೇಯನ ಮುಳ್ಳು ಪವಾಡ ನಡೆಯಿತು. ಯುಗಾದಿ ಅಮಾವಾಸ್ಯೆ ಆದನಂತರ 3 ನೇ ದಿನ ಚಂದ್ರದರ್ಶನ ನೋಡಿಕೊಂಡು ಶ್ರೀಆಂಜನೇಯ ವರದ ಬಸವೇಶ್ವರನಿಗೆ ಕಂಕಣ ಕಟ್ಟುತ್ತಾರೆ. ನಂತರ ವಿಧಿ ವಿಧಾನದಂತೆ ಪೂಜಾ ಕೈಂಕರ್ಯಗಳು ಜರುಗುತ್ತವೆ. ಶ್ರೀ ಬಸವೇಶ್ವರ, ಗಿರಿಯ ನಿಲಯವು ದೇವಿಗುಂಡ ವಾದ್ಯದೊಂದಿಗೆ ವಾದ್ಯಘೋಷದಲ್ಲಿ ಸಾಗುತ್ತವೆ. ಆಂಜನೇಯನ ಮುಳ್ಳು ಪವಾಡ ಮಾಡುವ ದಾಸಪ್ಪ (ಕೊಲ್ಲೇಶ) ಸಾಮಗ್ರಿಗಳನ್ನು ತುಬ್ಬ ಪೂಜಿಸುತ್ತಾರೆ ಹಾಗೂ ಬಸವೇಶ್ವರ ಸನ್ನಿಧಿಯಿಂದ ನೀಲಿ ಉತ್ಸವ, ಎರಡನೇ ದಿನ ಬಸವನ ಉತ್ಸವ ಮೂರನೇ ದಿನ ಶ್ರೀ ಬಸವೇಶ್ವರನ ರಥೋತ್ಸವ ನಡೆಯುತ್ತದೆ. ನಂತರ ಮಾರನೇ ದಿನ ಶ್ರೀ ಆಂಜನೇಯನ ಮುಳ್ಳು ಪವಾಡ ಜರುಗುತ್ತದೆ. ಈ ಪವಾಡ ಮಾಡುವ ಮುನ್ನ ಆಂಜನೇಯನ ಪೂಜಾರಿ ಕೊಲ್ಲೇಶ (ದಾಸಪ್ಪ) ಈ ತನು 9 ದಿವಸದಿಂದ ಆಹಾರ ಸೇವಿಸದೆ ಬರೀ ಅಲ್ಪ ಪ್ರಮಾಣದ ಹಣ್ಣು ಸೇವಿಸುತ್ತಾನೆ ಹಿರಿಯ ದೈವಸ್ಥರು ಹೇಳುತ್ತಾರೆ. ಹಳ್ಳಕ್ಕೆ ಹೋಗಿ ಮುಳ್ಳು ಸಂಗ್ರಹ ಮಾಡಿ ಮುಳ್ಳಿನ ಹಾಸಿಗೆ ತಯಾರಿಸುತ್ತಾರೆ.
ಸಂಜೆ ದೂಳು ಮತ್ತು ಸಕಲ ವಾದ್ಯ ಗಳೊಂದಿಗೆ ದಾಸಪ್ಪ ಕೆಕೆ ಹಿಡಿಯುತ್ತ ಆಗಮಿಸಿ ಆಚರಣೆಗಳಂತೆ ಪೂಜೆ ನಡೆಸಿದರು.
ಕೊಂಡ ಹೋಗಿ ಆತನನ್ನು ಎಬ್ಬಿಸುತ್ತಾರೆ ಈ ಹಿಂದಿನ ಕಾಲದಿಂದಲೂ ನಡೆದು ಬಂದ ಪದ್ಧತಿ. ಈ ವೇಳೆಯಲ್ಲಿ ಸುತ್ತ ಮುತ್ತಲಿನ ಗ್ರಾಮಸ್ಥರು, ಊರಿನ ದೈವಸ್ಥರು ಸೇರಿದಂತೆ ಅಪಾರ ಭಕ್ತರು ಭಾಗವಹಿಸಿದ್ದರು. ಮಾರುತಿ ಕಾಲುದಂಡ ಸಿಂಗಾರ ನಡೆದ ಬಳಿಕ ದೈವಸ್ಥ ಸುತ್ತ ಪಾಲಿಸಿ ಮುಳ್ಳಿನ ಹಾಸಿಗೆ ಮೇಲೆ ಮಲಗಿಸುತ್ತಾರೆ
ಮಾ.29ಕ್ಕೆ ಬಂಜೆತನ ಉಚಿತ ತಪಾಸಣಾ ಶಿಬಿರ
ಹೊಸಪೇಟೆ ಟೈಮ್ಸ್ ನ್ಯೂಸ್
ಕೊಪ್ಪಳ: ಪಾನಕುಂಟ ಫೌಂಡೇಶನ್, ಭಾಗ್ಯನಗರ ಕೊಪ್ಪಳ ವತಿಯಿಂದ ಮಾ.29ರಂದು ಉಚಿತ ಬಂಜೆತನ ತಪಾಸಣಾ ಶಿಬಿರವನ್ನು ಆಯೋಜಿಸಲಾಗಿದೆ. ನಗರದ ರೈಲ್ವೆ ಸ್ಟೇಷನ್ ರೋಡ್‌ನ ಅವರ ಆಸ್ಪತ್ರೆಯಲ್ಲಿ ಶಿಬಿರ ನಡೆಯಲಿದ್ದು, ಅಗತ್ಯವಿರುವ ದಂಪತಿಗಳು ಇದರ ಸದುಪಯೋಗ ಪಡೆದುಕೊಳ್ಳುವಂತೆ ಸಂಘಟನೆ ಮನವಿ ಮಾಡಿದೆ.
OWNER , PUBLISHER & PRINTER K. M. REKHA PUBLISHED AT HOSPET TIMES, APOORVA OFFSET PRINTERS , SACHIDANAND LANE , MAIN BAZAR , HOSAPETE , BALLARI & PRINTED AT APOORVA OFFSET PRINTERS ,
SACHIDANAND LANE , MAIN BAZAR , HOSAPETE , BALLARI , EDITOR K. M. REKHA. EMAIL : hospettimes@gmail.com, Mob No 94484 41484.
